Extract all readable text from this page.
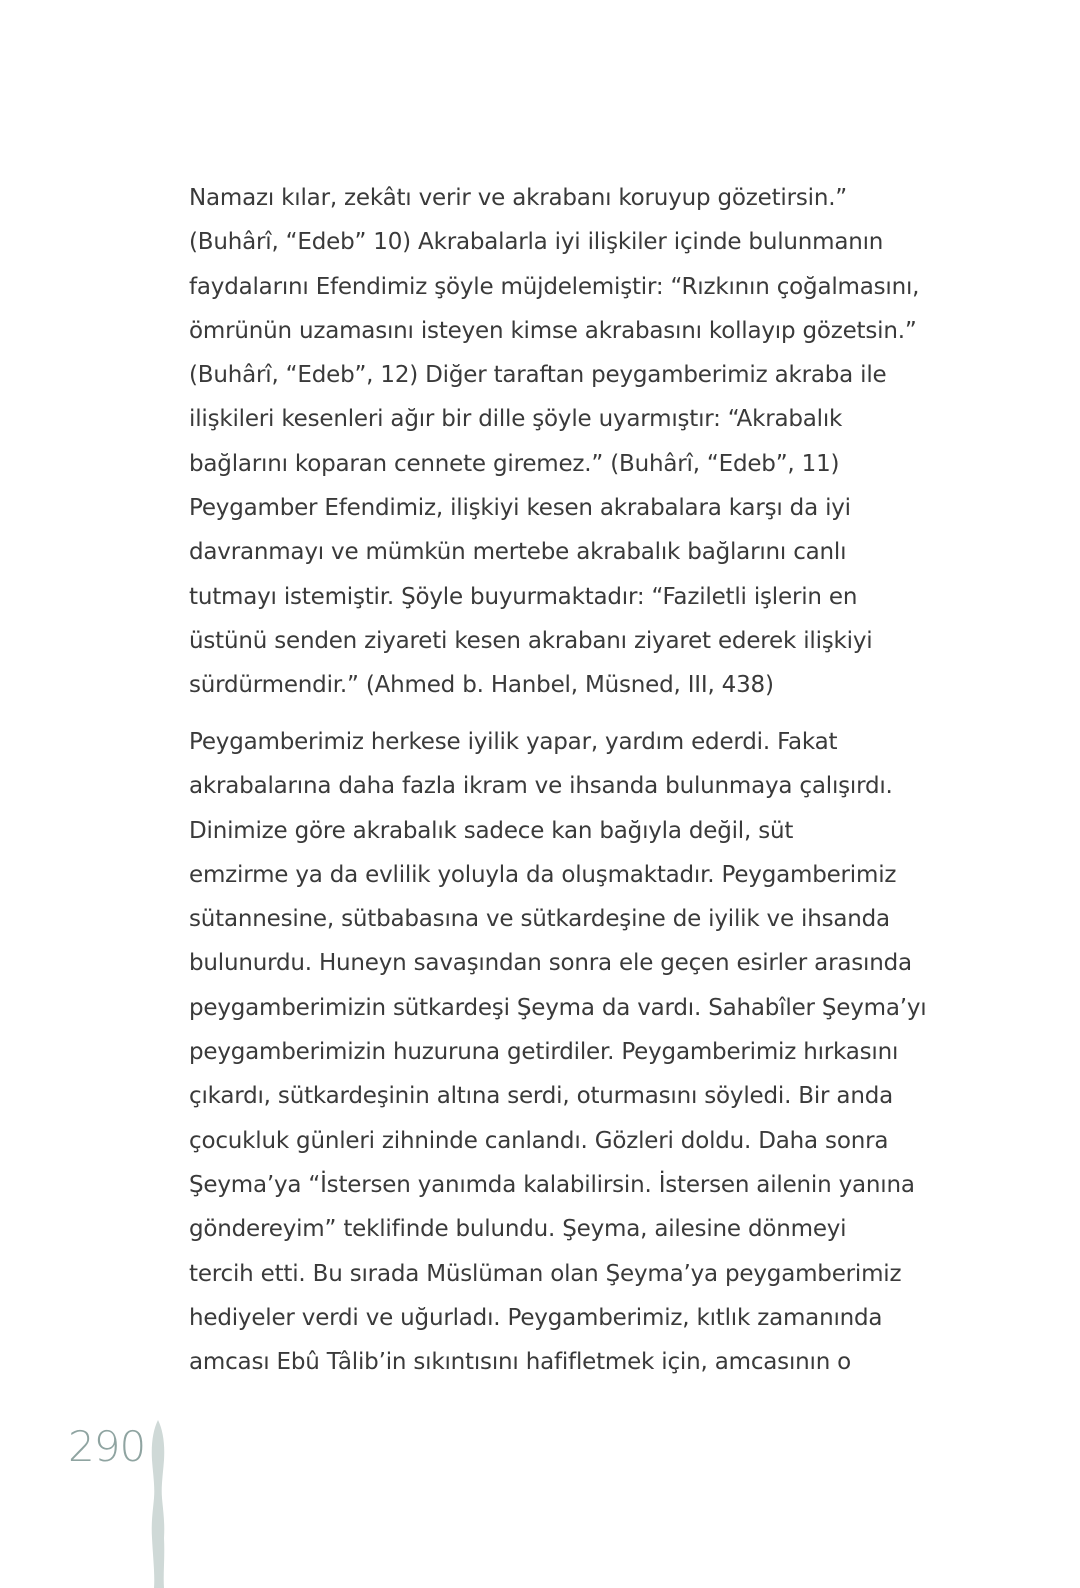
Namazı kılar, zekâtı verir ve akrabanı koruyup gözetirsin.”
(Buhârî, “Edeb” 10) Akrabalarla iyi ilişkiler içinde bulunmanın
faydalarını Efendimiz şöyle müjdelemiştir: “Rızkının çoğalmasını,
ömrünün uzamasını isteyen kimse akrabasını kollayıp gözetsin.”
(Buhârî, “Edeb”, 12) Diğer taraftan peygamberimiz akraba ile
ilişkileri kesenleri ağır bir dille şöyle uyarmıştır: “Akrabalık
bağlarını koparan cennete giremez.” (Buhârî, “Edeb”, 11)
Peygamber Efendimiz, ilişkiyi kesen akrabalara karşı da iyi
davranmayı ve mümkün mertebe akrabalık bağlarını canlı
tutmayı istemiştir. Şöyle buyurmaktadır: “Faziletli işlerin en
üstünü senden ziyareti kesen akrabanı ziyaret ederek ilişkiyi
sürdürmendir.” (Ahmed b. Hanbel, Müsned, III, 438)
Peygamberimiz herkese iyilik yapar, yardım ederdi. Fakat
akrabalarına daha fazla ikram ve ihsanda bulunmaya çalışırdı.
Dinimize göre akrabalık sadece kan bağıyla değil, süt
emzirme ya da evlilik yoluyla da oluşmaktadır. Peygamberimiz
sütannesine, sütbabasına ve sütkardeşine de iyilik ve ihsanda
bulunurdu. Huneyn savaşından sonra ele geçen esirler arasında
peygamberimizin sütkardeşi Şeyma da vardı. Sahabîler Şeyma’yı
peygamberimizin huzuruna getirdiler. Peygamberimiz hırkasını
çıkardı, sütkardeşinin altına serdi, oturmasını söyledi. Bir anda
çocukluk günleri zihninde canlandı. Gözleri doldu. Daha sonra
Şeyma’ya “İstersen yanımda kalabilirsin. İstersen ailenin yanına
göndereyim” teklifinde bulundu. Şeyma, ailesine dönmeyi
tercih etti. Bu sırada Müslüman olan Şeyma’ya peygamberimiz
hediyeler verdi ve uğurladı. Peygamberimiz, kıtlık zamanında
amcası Ebû Tâlib’in sıkıntısını hafifletmek için, amcasının o
290
